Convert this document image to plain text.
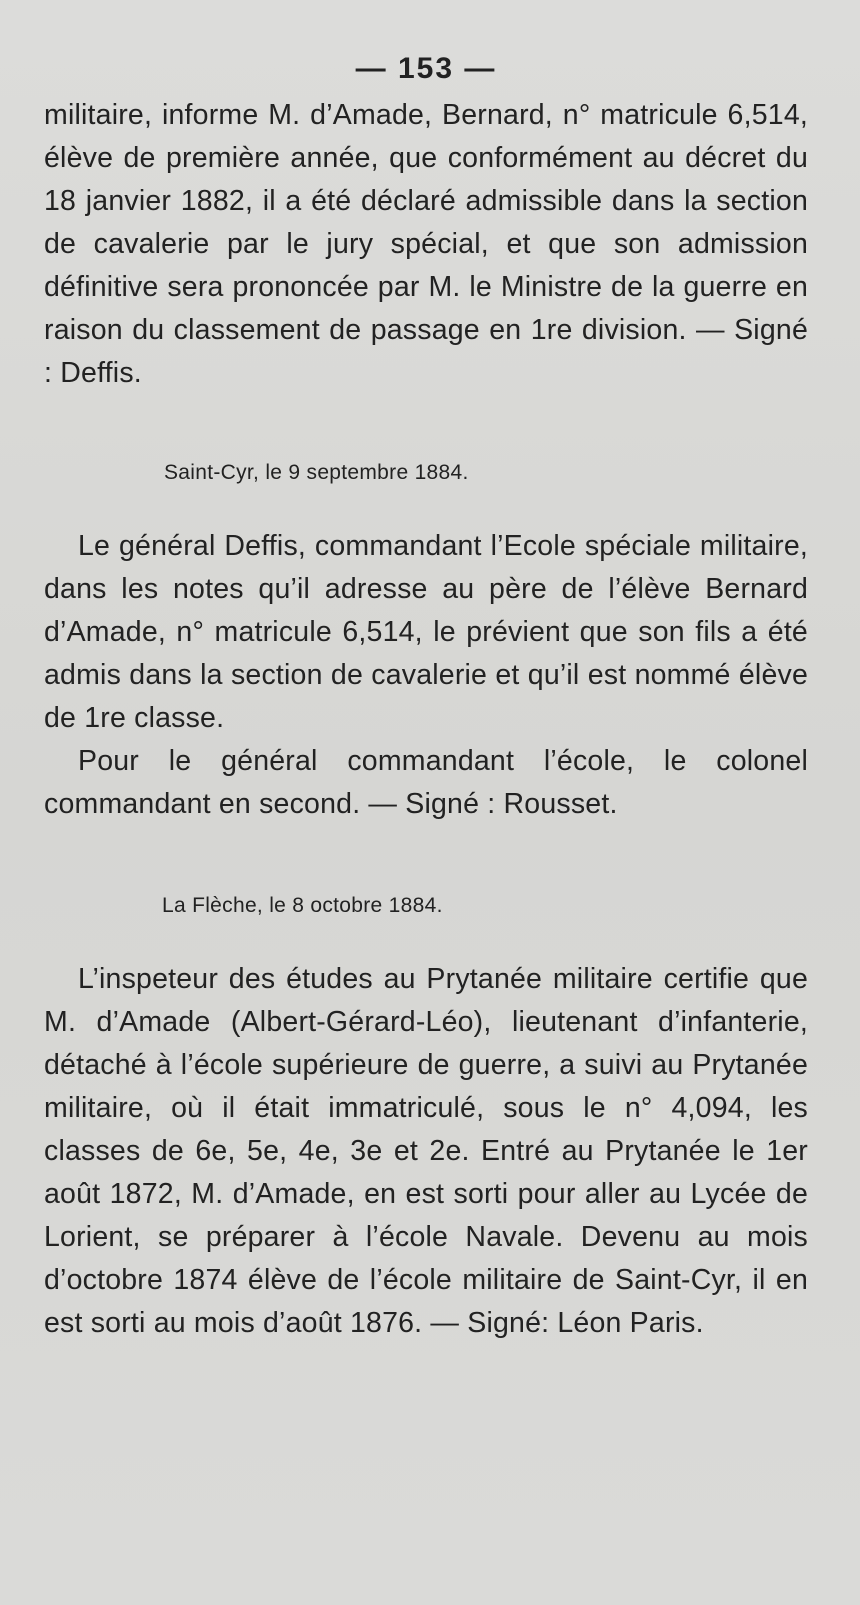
— 153 —

militaire, informe M. d’Amade, Bernard, n° matricule 6,514, élève de première année, que conformément au décret du 18 janvier 1882, il a été déclaré admissible dans la section de cavalerie par le jury spécial, et que son admission définitive sera prononcée par M. le Ministre de la guerre en raison du classement de passage en 1re division. — Signé : Deffis.

Saint-Cyr, le 9 septembre 1884.

Le général Deffis, commandant l’Ecole spéciale militaire, dans les notes qu’il adresse au père de l’élève Bernard d’Amade, n° matricule 6,514, le prévient que son fils a été admis dans la section de cavalerie et qu’il est nommé élève de 1re classe.

Pour le général commandant l’école, le colonel commandant en second. — Signé : Rousset.

La Flèche, le 8 octobre 1884.

L’inspeteur des études au Prytanée militaire certifie que M. d’Amade (Albert-Gérard-Léo), lieutenant d’infanterie, détaché à l’école supérieure de guerre, a suivi au Prytanée militaire, où il était immatriculé, sous le n° 4,094, les classes de 6e, 5e, 4e, 3e et 2e. Entré au Prytanée le 1er août 1872, M. d’Amade, en est sorti pour aller au Lycée de Lorient, se préparer à l’école Navale. Devenu au mois d’octobre 1874 élève de l’école militaire de Saint-Cyr, il en est sorti au mois d’août 1876. — Signé: Léon Paris.
